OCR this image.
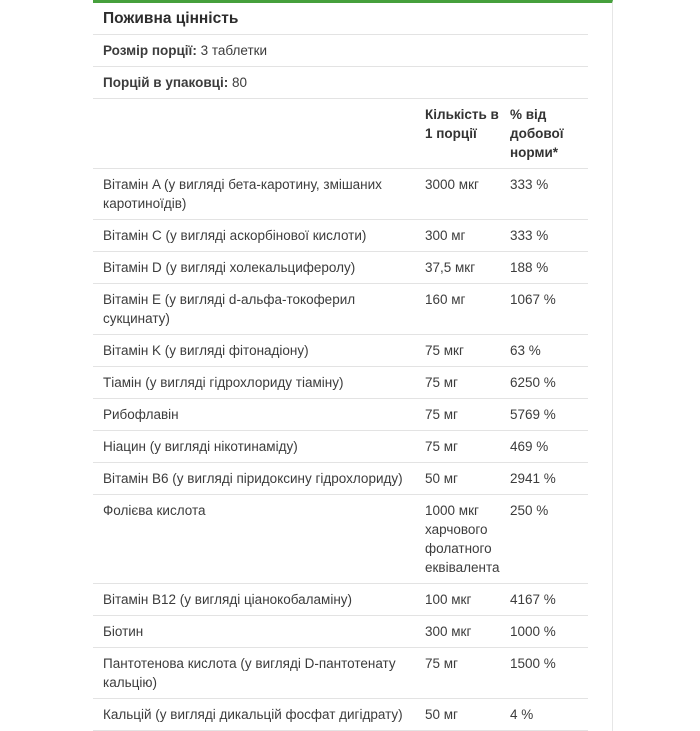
Поживна цінність
Розмір порції: 3 таблетки
Порцій в упаковці: 80
	Кількість в 1 порції	% від добової норми*
Вітамін A (у вигляді бета-каротину, змішаних каротиноїдів)	3000 мкг	333 %
Вітамін C (у вигляді аскорбінової кислоти)	300 мг	333 %
Вітамін D (у вигляді холекальциферолу)	37,5 мкг	188 %
Вітамін E (у вигляді d-альфа-токоферил сукцинату)	160 мг	1067 %
Вітамін K (у вигляді фітонадіону)	75 мкг	63 %
Тіамін (у вигляді гідрохлориду тіаміну)	75 мг	6250 %
Рибофлавін	75 мг	5769 %
Ніацин (у вигляді нікотинаміду)	75 мг	469 %
Вітамін B6 (у вигляді піридоксину гідрохлориду)	50 мг	2941 %
Фолієва кислота	1000 мкг харчового фолатного еквівалента	250 %
Вітамін B12 (у вигляді ціанокобаламіну)	100 мкг	4167 %
Біотин	300 мкг	1000 %
Пантотенова кислота (у вигляді D-пантотенату кальцію)	75 мг	1500 %
Кальцій (у вигляді дикальцій фосфат дигідрату)	50 мг	4 %
